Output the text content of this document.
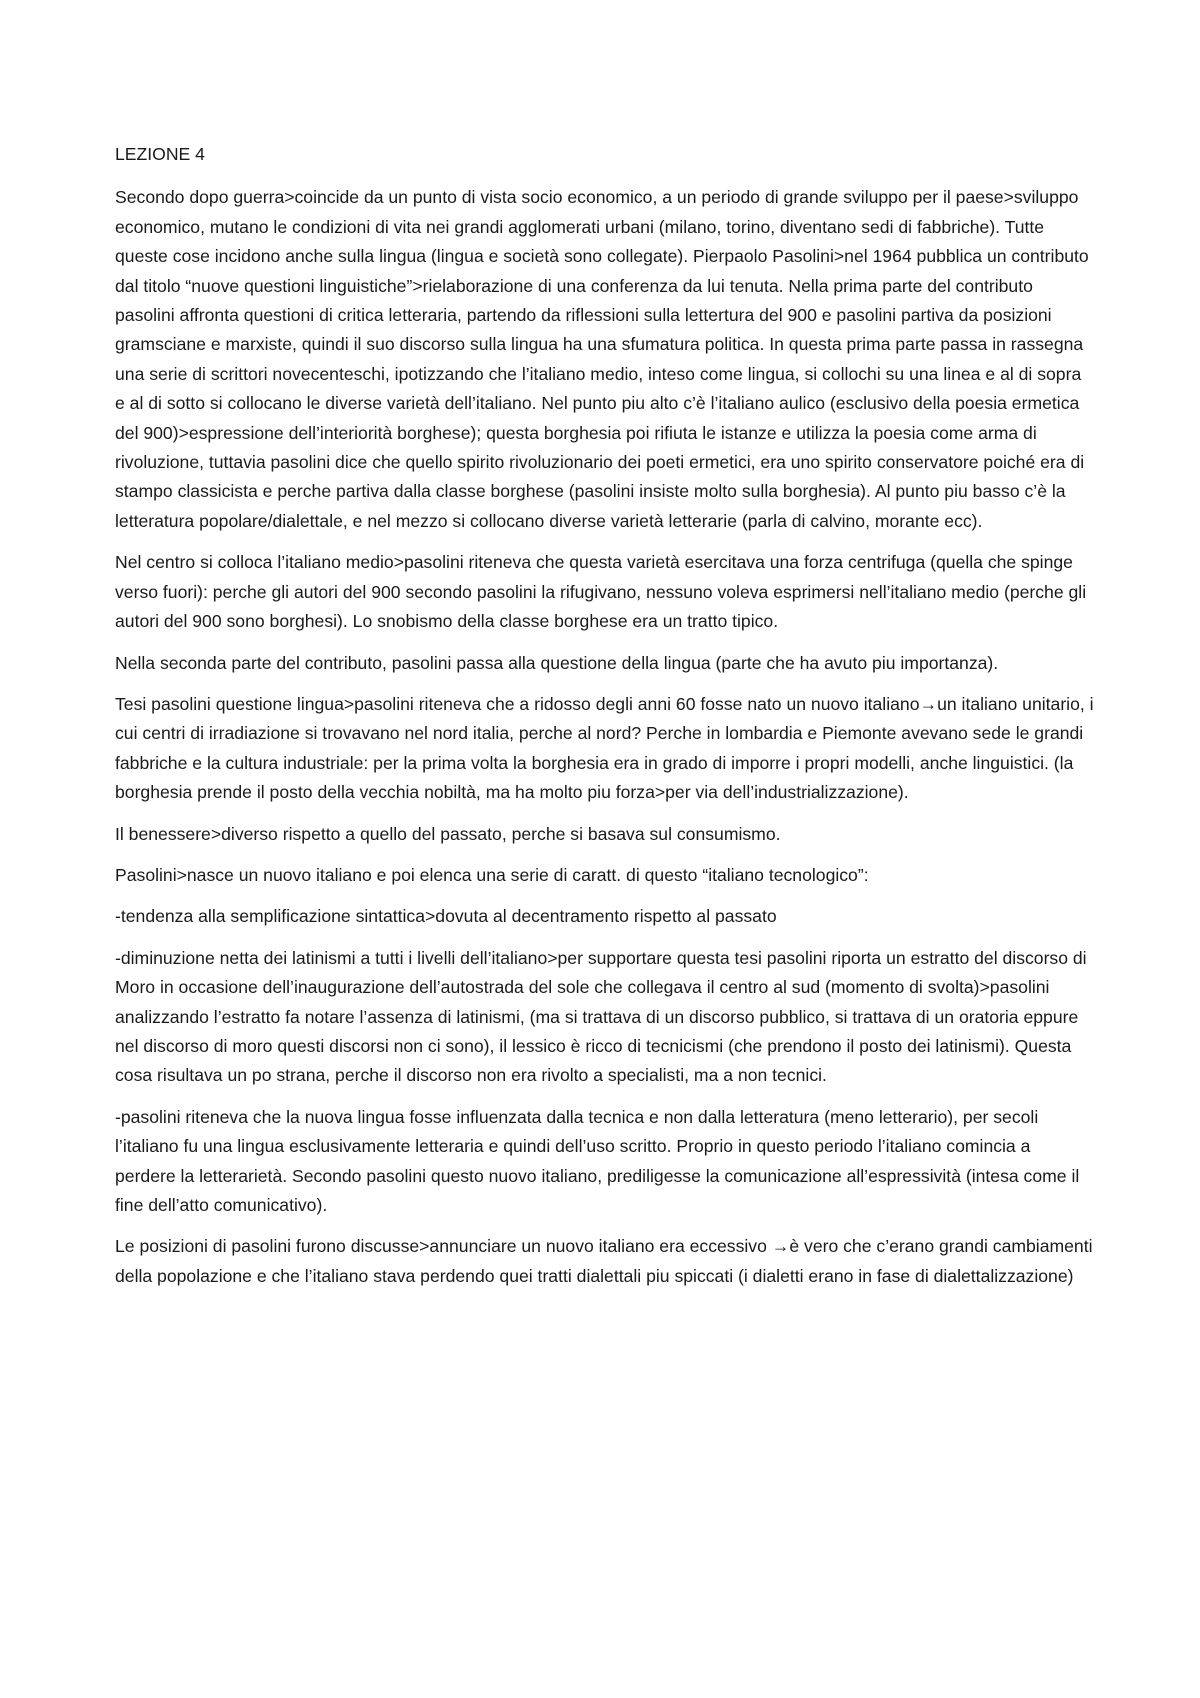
LEZIONE 4

Secondo dopo guerra>coincide da un punto di vista socio economico, a un periodo di grande sviluppo per il paese>sviluppo economico, mutano le condizioni di vita nei grandi agglomerati urbani (milano, torino, diventano sedi di fabbriche). Tutte queste cose incidono anche sulla lingua (lingua e società sono collegate). Pierpaolo Pasolini>nel 1964 pubblica un contributo dal titolo “nuove questioni linguistiche”>rielaborazione di una conferenza da lui tenuta. Nella prima parte del contributo pasolini affronta questioni di critica letteraria, partendo da riflessioni sulla lettertura del 900 e pasolini partiva da posizioni gramsciane e marxiste, quindi il suo discorso sulla lingua ha una sfumatura politica. In questa prima parte passa in rassegna una serie di scrittori novecenteschi, ipotizzando che l’italiano medio, inteso come lingua, si collochi su una linea e al di sopra e al di sotto si collocano le diverse varietà dell’italiano. Nel punto piu alto c’è l’italiano aulico (esclusivo della poesia ermetica del 900)>espressione dell’interiorità borghese); questa borghesia poi rifiuta le istanze e utilizza la poesia come arma di rivoluzione, tuttavia pasolini dice che quello spirito rivoluzionario dei poeti ermetici, era uno spirito conservatore poiché era di stampo classicista e perche partiva dalla classe borghese (pasolini insiste molto sulla borghesia). Al punto piu basso c’è la letteratura popolare/dialettale, e nel mezzo si collocano diverse varietà letterarie (parla di calvino, morante ecc).

Nel centro si colloca l’italiano medio>pasolini riteneva che questa varietà esercitava una forza centrifuga (quella che spinge verso fuori): perche gli autori del 900 secondo pasolini la rifugivano, nessuno voleva esprimersi nell’italiano medio (perche gli autori del 900 sono borghesi). Lo snobismo della classe borghese era un tratto tipico.

Nella seconda parte del contributo, pasolini passa alla questione della lingua (parte che ha avuto piu importanza).

Tesi pasolini questione lingua>pasolini riteneva che a ridosso degli anni 60 fosse nato un nuovo italiano→un italiano unitario, i cui centri di irradiazione si trovavano nel nord italia, perche al nord? Perche in lombardia e Piemonte avevano sede le grandi fabbriche e la cultura industriale: per la prima volta la borghesia era in grado di imporre i propri modelli, anche linguistici. (la borghesia prende il posto della vecchia nobiltà, ma ha molto piu forza>per via dell’industrializzazione).

Il benessere>diverso rispetto a quello del passato, perche si basava sul consumismo.

Pasolini>nasce un nuovo italiano e poi elenca una serie di caratt. di questo “italiano tecnologico”:

-tendenza alla semplificazione sintattica>dovuta al decentramento rispetto al passato

-diminuzione netta dei latinismi a tutti i livelli dell’italiano>per supportare questa tesi pasolini riporta un estratto del discorso di Moro in occasione dell’inaugurazione dell’autostrada del sole che collegava il centro al sud (momento di svolta)>pasolini analizzando l’estratto fa notare l’assenza di latinismi, (ma si trattava di un discorso pubblico, si trattava di un oratoria eppure nel discorso di moro questi discorsi non ci sono), il lessico è ricco di tecnicismi (che prendono il posto dei latinismi). Questa cosa risultava un po strana, perche il discorso non era rivolto a specialisti, ma a non tecnici.

-pasolini riteneva che la nuova lingua fosse influenzata dalla tecnica e non dalla letteratura (meno letterario), per secoli l’italiano fu una lingua esclusivamente letteraria e quindi dell’uso scritto. Proprio in questo periodo l’italiano comincia a perdere la letterarietà. Secondo pasolini questo nuovo italiano, prediligesse la comunicazione all’espressività (intesa come il fine dell’atto comunicativo).

Le posizioni di pasolini furono discusse>annunciare un nuovo italiano era eccessivo →è vero che c’erano grandi cambiamenti della popolazione e che l’italiano stava perdendo quei tratti dialettali piu spiccati (i dialetti erano in fase di dialettalizzazione)
